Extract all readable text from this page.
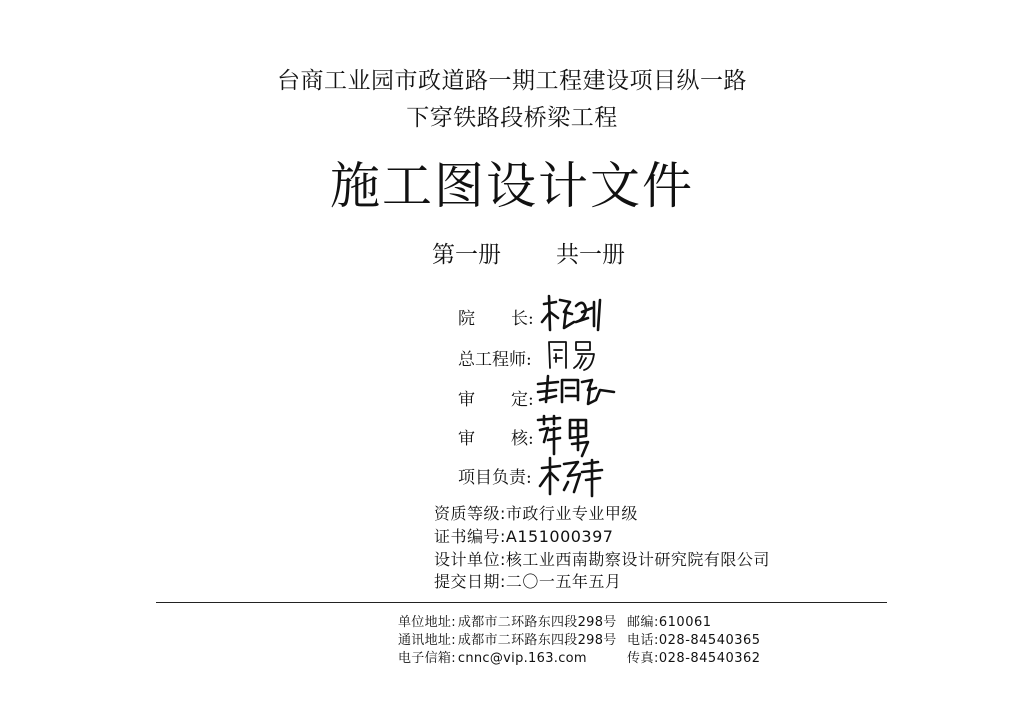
台商工业园市政道路一期工程建设项目纵一路
下穿铁路段桥梁工程
施工图设计文件
第一册 共一册
院 长:
总工程师:
审 定:
审 核:
项目负责:
资质等级:市政行业专业甲级
证书编号:A151000397
设计单位:核工业西南勘察设计研究院有限公司
提交日期:二〇一五年五月
单位地址: 成都市二环路东四段298号 邮编:610061
通讯地址: 成都市二环路东四段298号 电话:028-84540365
电子信箱: cnnc@vip.163.com	传真:028-84540362
